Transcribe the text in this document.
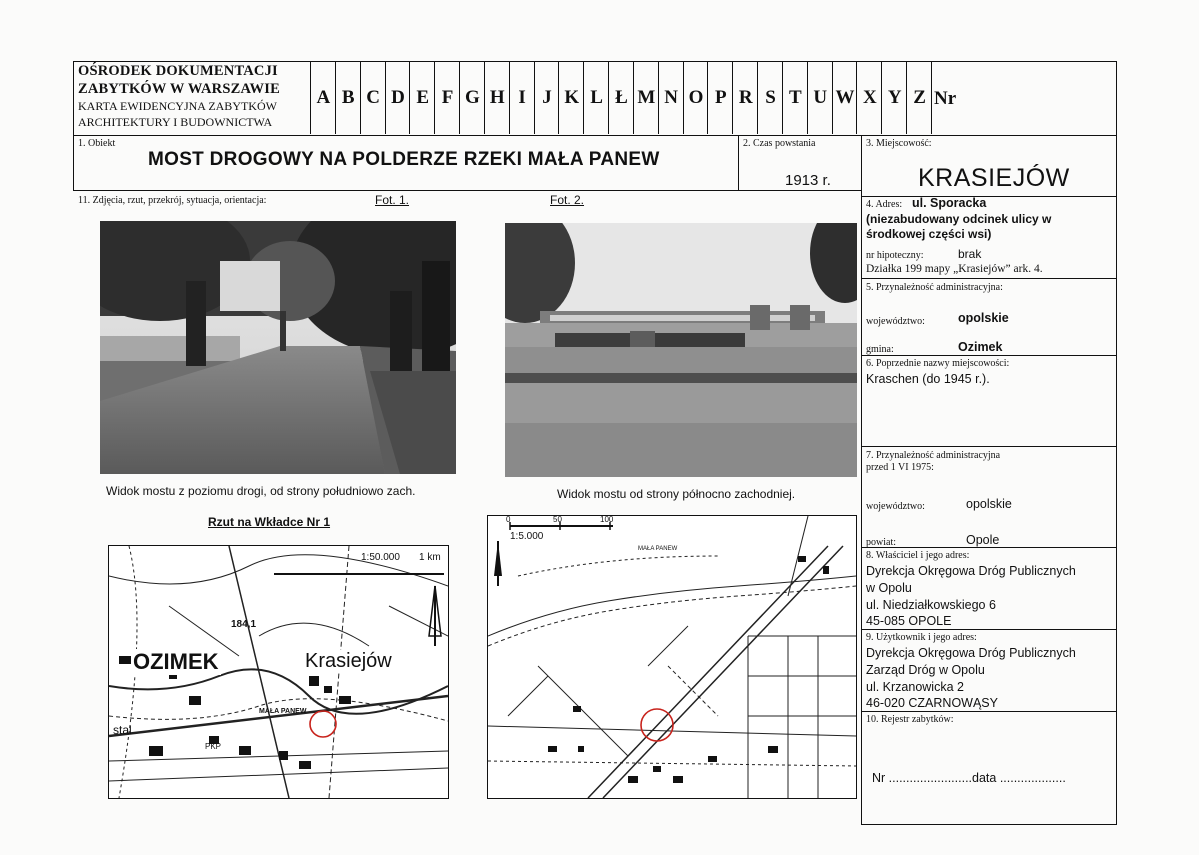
OŚRODEK DOKUMENTACJI
ZABYTKÓW W WARSZAWIE
KARTA EWIDENCYJNA ZABYTKÓW
ARCHITEKTURY I BUDOWNICTWA
A B C D E F G H I J K L Ł M N O P R S T U W X Y Z Nr
1. Obiekt
MOST DROGOWY NA POLDERZE RZEKI MAŁA PANEW
2. Czas powstania
1913 r.
3. Miejscowość:
KRASIEJÓW
11. Zdjęcia, rzut, przekrój, sytuacja, orientacja:	Fot. 1.	Fot. 2.
Widok mostu z poziomu drogi, od strony południowo zach.	Widok mostu od strony północno zachodniej.
Rzut na Wkładce Nr 1
1:50.000 1 km
184,1
OZIMEK	Krasiejów
MAŁA PANEW
stal
PKP
0	50	100
1:5.000
MAŁA PANEW
4. Adres: ul. Sporacka
(niezabudowany odcinek ulicy w środkowej części wsi)
nr hipoteczny:	brak
Działka 199 mapy „Krasiejów” ark. 4.
5. Przynależność administracyjna:
województwo:	opolskie
gmina:	Ozimek
6. Poprzednie nazwy miejscowości:
Kraschen (do 1945 r.).
7. Przynależność administracyjna
przed 1 VI 1975:
województwo:	opolskie
powiat:	Opole
8. Właściciel i jego adres:
Dyrekcja Okręgowa Dróg Publicznych
w Opolu
ul. Niedziałkowskiego 6
45-085 OPOLE
9. Użytkownik i jego adres:
Dyrekcja Okręgowa Dróg Publicznych
Zarząd Dróg w Opolu
ul. Krzanowicka 2
46-020 CZARNOWĄSY
10. Rejestr zabytków:
Nr ........................data ...................
